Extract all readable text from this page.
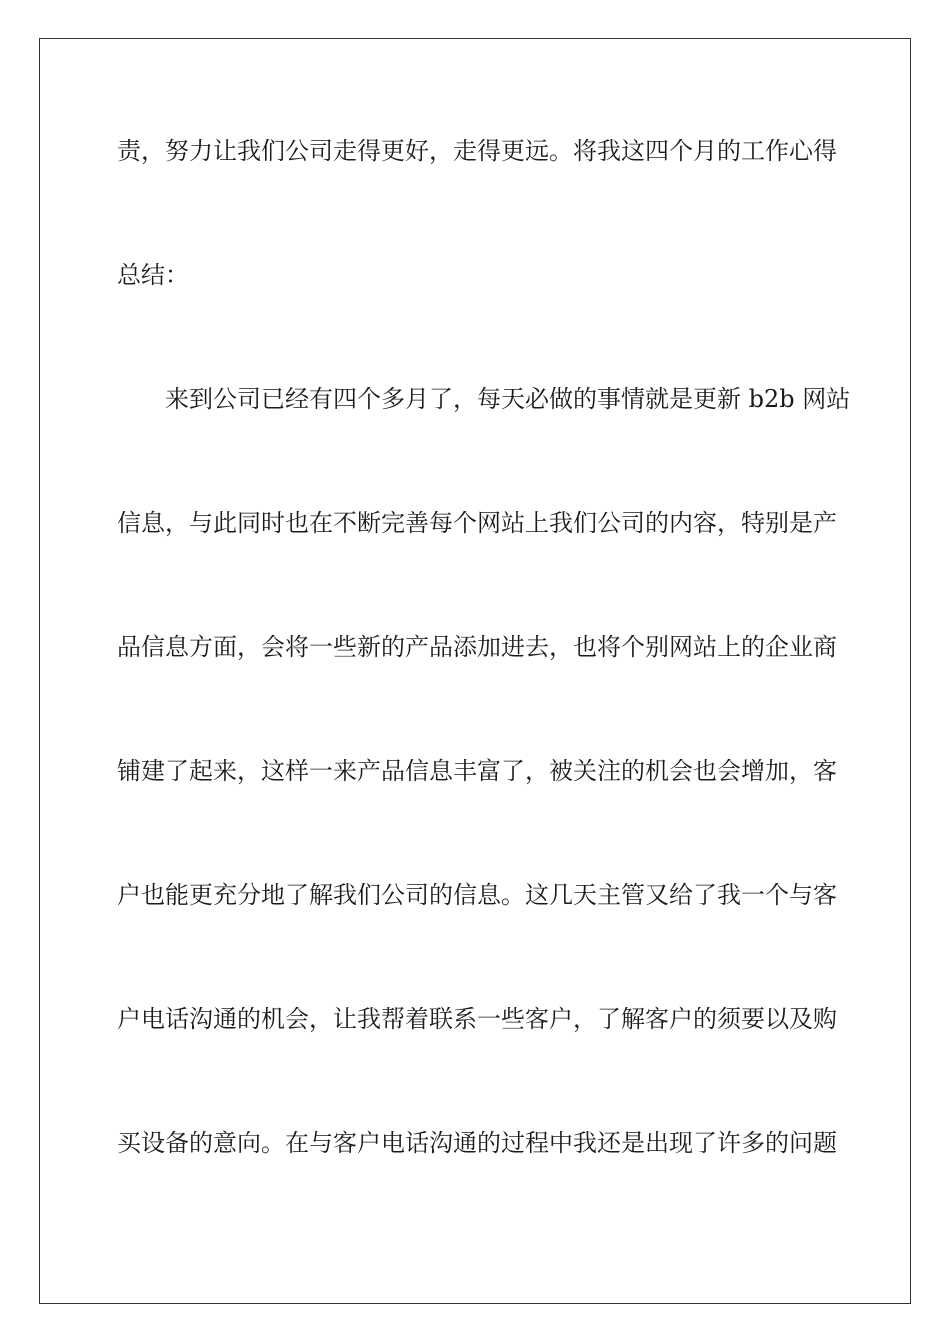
责，努力让我们公司走得更好，走得更远。将我这四个月的工作心得
总结：
　　来到公司已经有四个多月了，每天必做的事情就是更新 b2b 网站
信息，与此同时也在不断完善每个网站上我们公司的内容，特别是产
品信息方面，会将一些新的产品添加进去，也将个别网站上的企业商
铺建了起来，这样一来产品信息丰富了，被关注的机会也会增加，客
户也能更充分地了解我们公司的信息。这几天主管又给了我一个与客
户电话沟通的机会，让我帮着联系一些客户，了解客户的须要以及购
买设备的意向。在与客户电话沟通的过程中我还是出现了许多的问题
